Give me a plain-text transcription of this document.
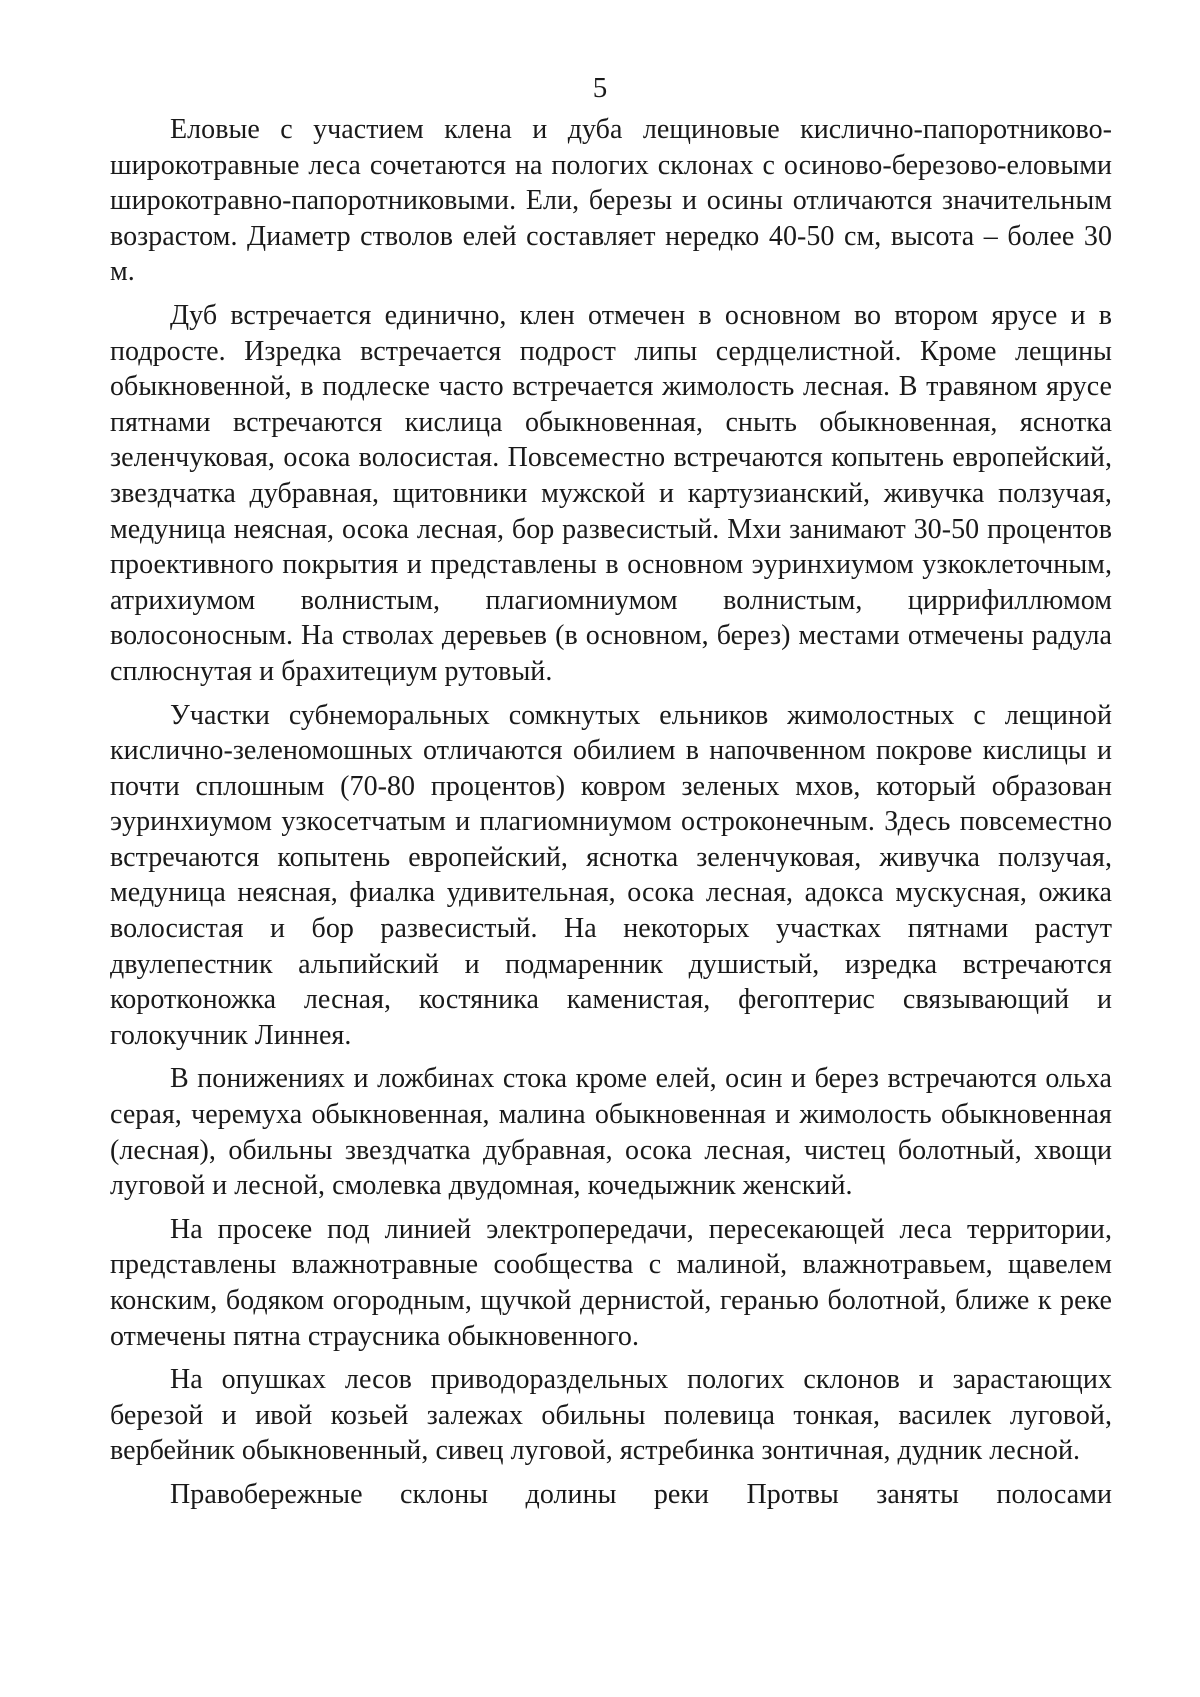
5

Еловые с участием клена и дуба лещиновые кислично-папоротниково-широкотравные леса сочетаются на пологих склонах с осиново-березово-еловыми широкотравно-папоротниковыми. Ели, березы и осины отличаются значительным возрастом. Диаметр стволов елей составляет нередко 40-50 см, высота – более 30 м.

Дуб встречается единично, клен отмечен в основном во втором ярусе и в подросте. Изредка встречается подрост липы сердцелистной. Кроме лещины обыкновенной, в подлеске часто встречается жимолость лесная. В травяном ярусе пятнами встречаются кислица обыкновенная, сныть обыкновенная, яснотка зеленчуковая, осока волосистая. Повсеместно встречаются копытень европейский, звездчатка дубравная, щитовники мужской и картузианский, живучка ползучая, медуница неясная, осока лесная, бор развесистый. Мхи занимают 30-50 процентов проективного покрытия и представлены в основном эуринхиумом узкоклеточным, атрихиумом волнистым, плагиомниумом волнистым, циррифиллюмом волосоносным. На стволах деревьев (в основном, берез) местами отмечены радула сплюснутая и брахитециум рутовый.

Участки субнеморальных сомкнутых ельников жимолостных с лещиной кислично-зеленомошных отличаются обилием в напочвенном покрове кислицы и почти сплошным (70-80 процентов) ковром зеленых мхов, который образован эуринхиумом узкосетчатым и плагиомниумом остроконечным. Здесь повсеместно встречаются копытень европейский, яснотка зеленчуковая, живучка ползучая, медуница неясная, фиалка удивительная, осока лесная, адокса мускусная, ожика волосистая и бор развесистый. На некоторых участках пятнами растут двулепестник альпийский и подмаренник душистый, изредка встречаются коротконожка лесная, костяника каменистая, фегоптерис связывающий и голокучник Линнея.

В понижениях и ложбинах стока кроме елей, осин и берез встречаются ольха серая, черемуха обыкновенная, малина обыкновенная и жимолость обыкновенная (лесная), обильны звездчатка дубравная, осока лесная, чистец болотный, хвощи луговой и лесной, смолевка двудомная, кочедыжник женский.

На просеке под линией электропередачи, пересекающей леса территории, представлены влажнотравные сообщества с малиной, влажнотравьем, щавелем конским, бодяком огородным, щучкой дернистой, геранью болотной, ближе к реке отмечены пятна страусника обыкновенного.

На опушках лесов приводораздельных пологих склонов и зарастающих березой и ивой козьей залежах обильны полевица тонкая, василек луговой, вербейник обыкновенный, сивец луговой, ястребинка зонтичная, дудник лесной.

Правобережные склоны долины реки Протвы заняты полосами
